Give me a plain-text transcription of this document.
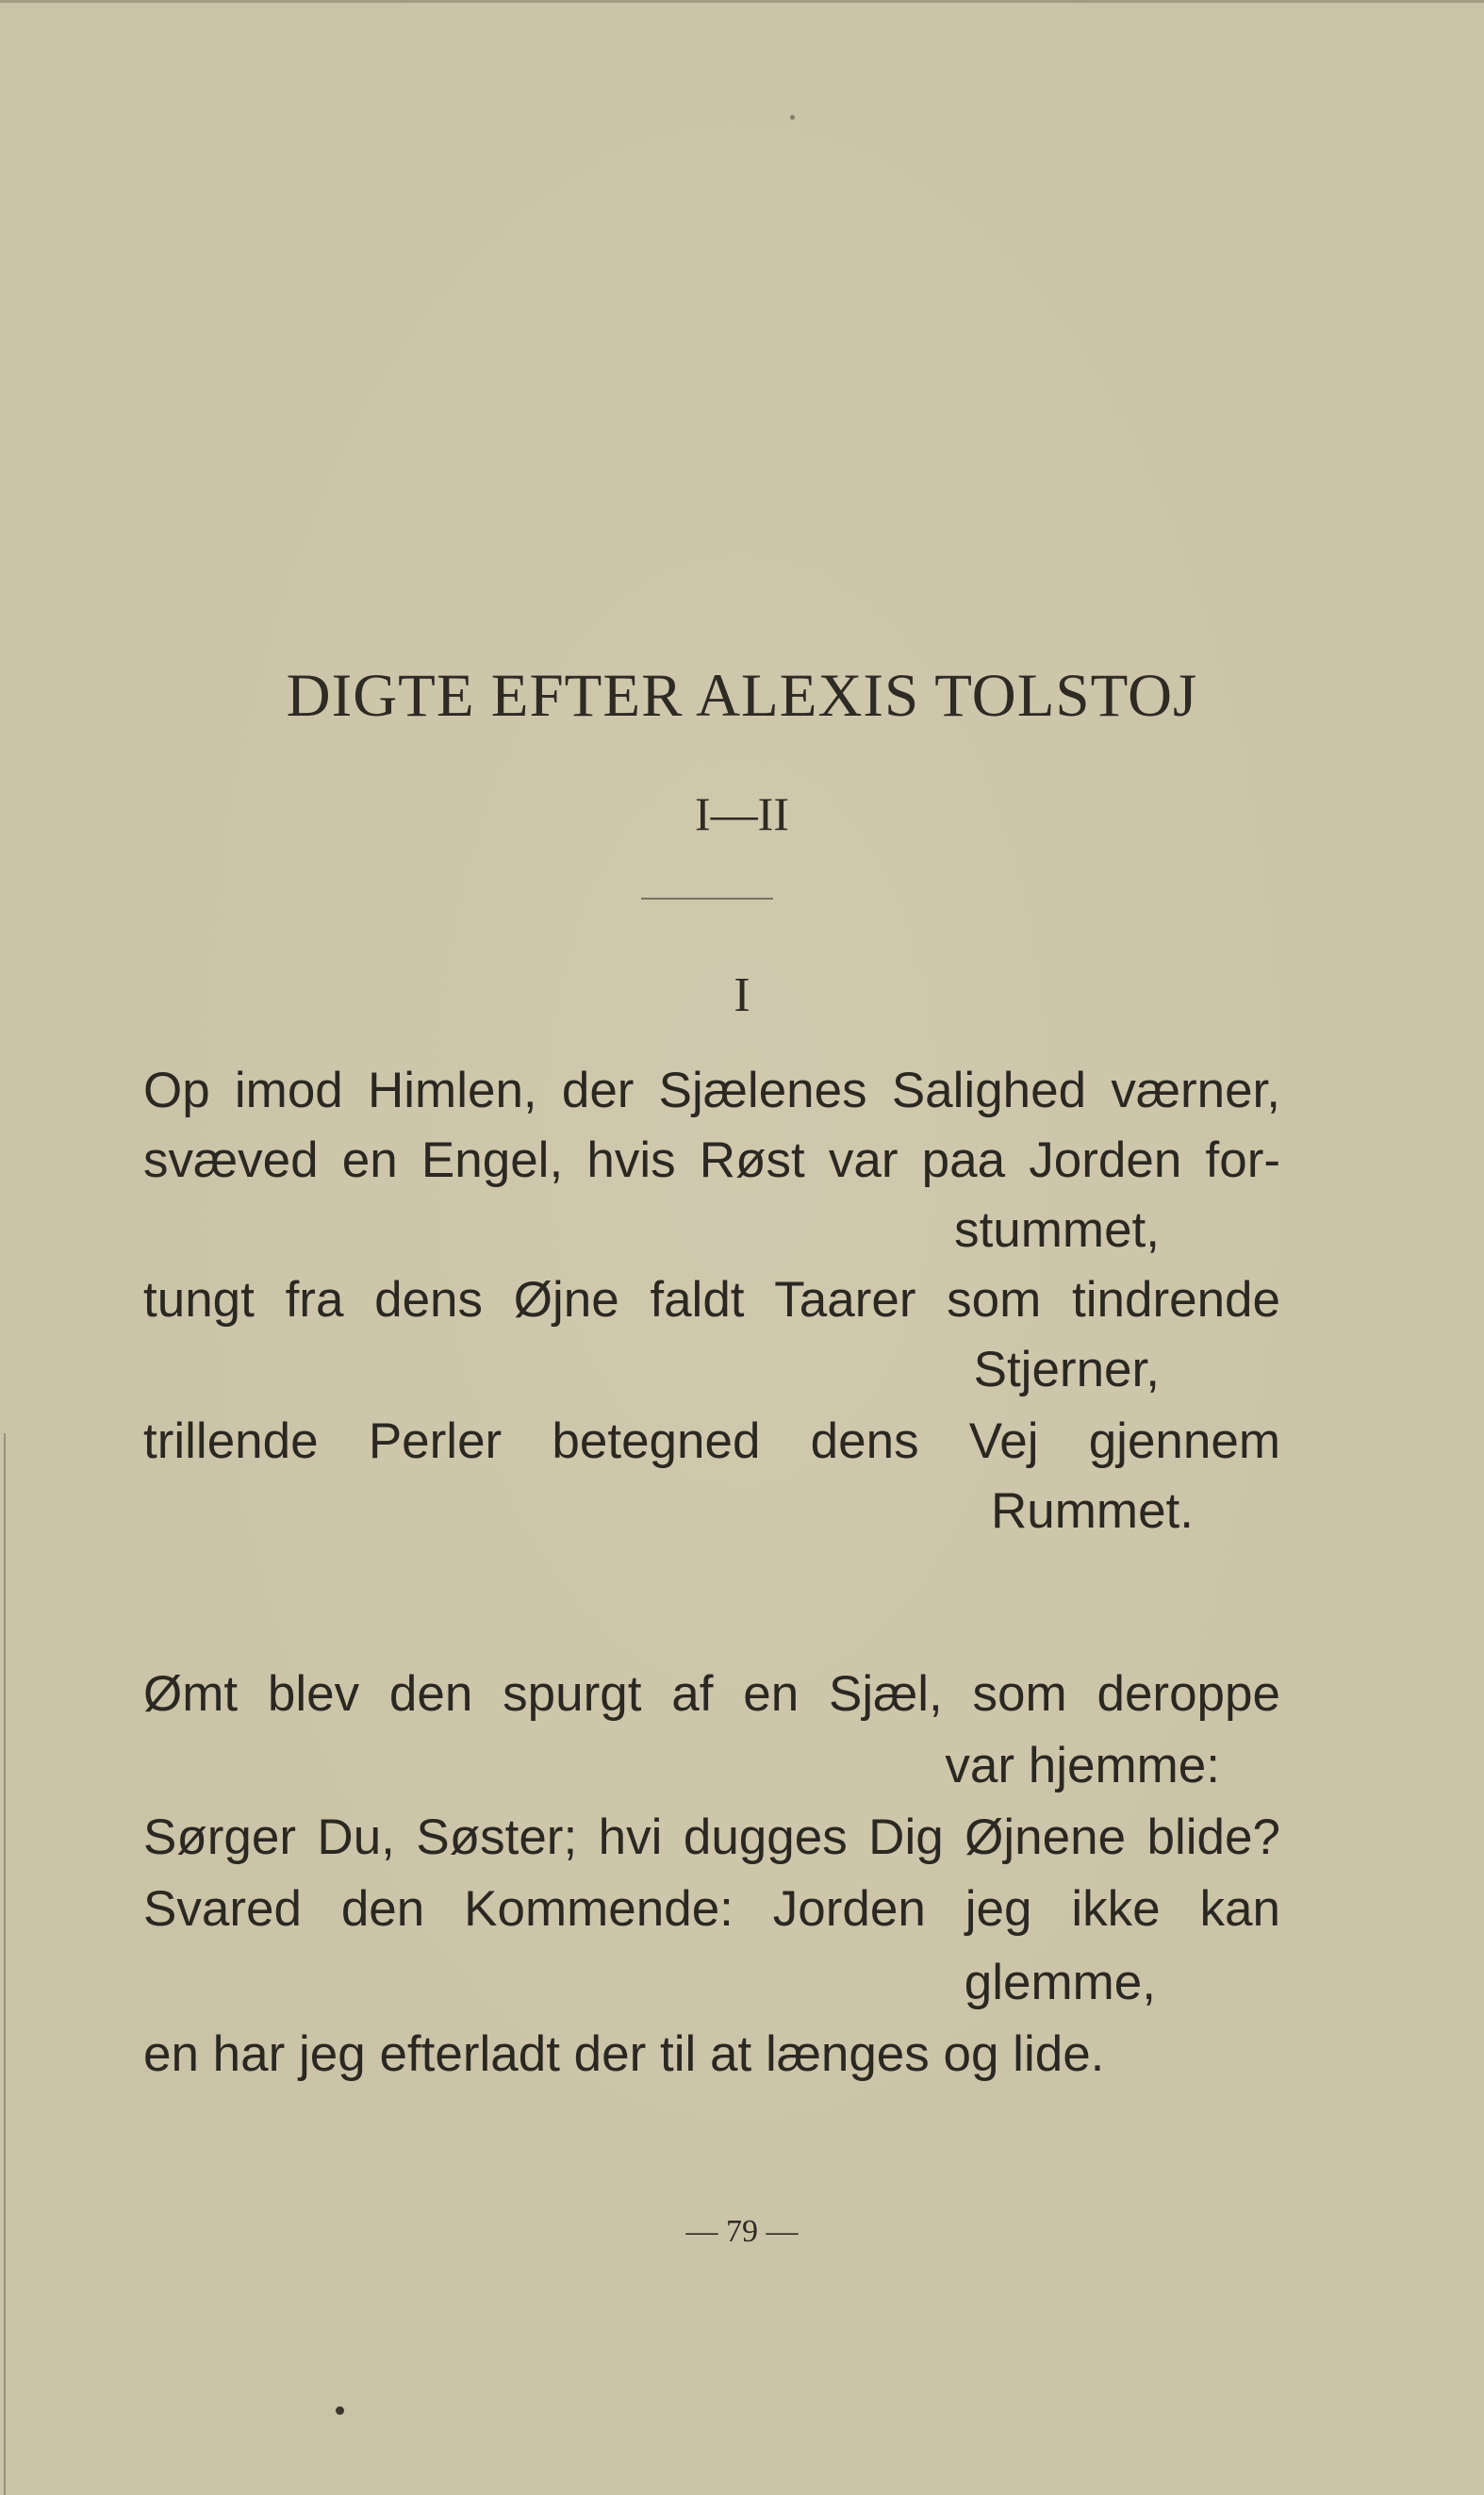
DIGTE EFTER ALEXIS TOLSTOJ
I—II
I
Op imod Himlen, der Sjælenes Salighed værner,
svæved en Engel, hvis Røst var paa Jorden for-
stummet,
tungt fra dens Øjne faldt Taarer som tindrende
Stjerner,
trillende Perler betegned dens Vej gjennem
Rummet.
Ømt blev den spurgt af en Sjæl, som deroppe
var hjemme:
Sørger Du, Søster; hvi dugges Dig Øjnene blide?
Svared den Kommende: Jorden jeg ikke kan
glemme,
en har jeg efterladt der til at længes og lide.
— 79 —
